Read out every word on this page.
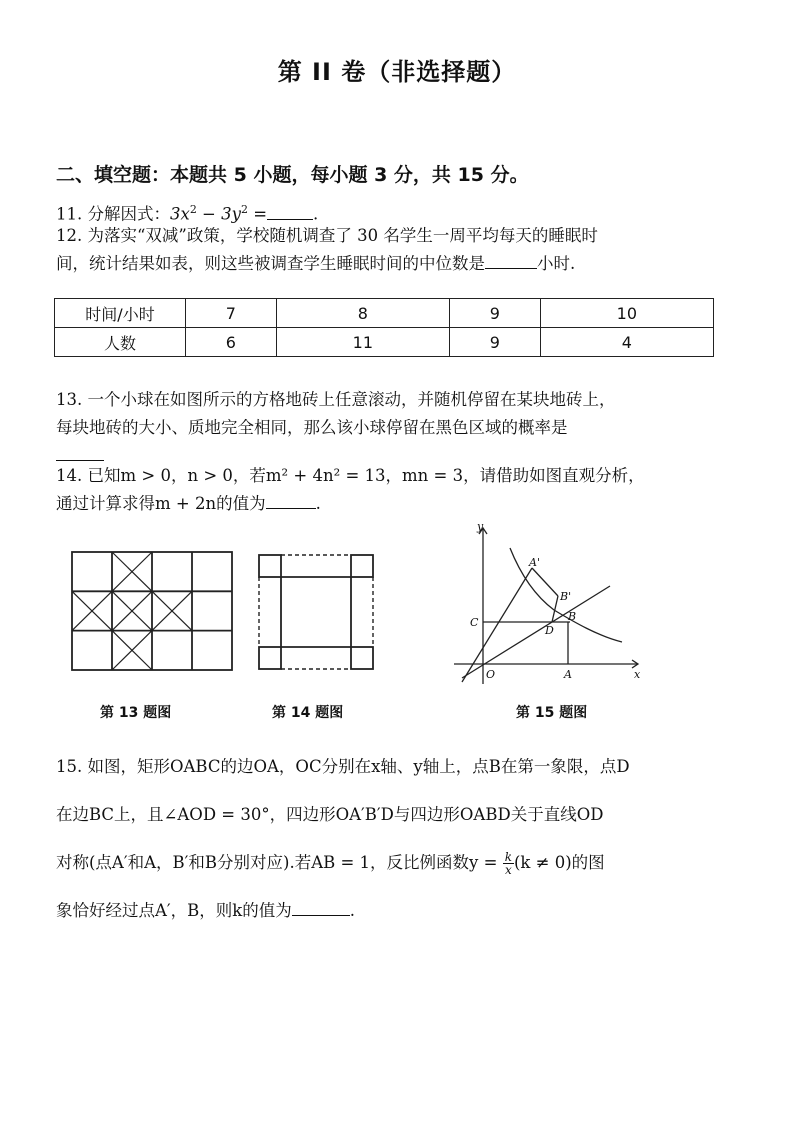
第 II 卷（非选择题）
二、填空题：本题共 5 小题，每小题 3 分，共 15 分。
11. 分解因式：$3x^2 - 3y^2$ =	.
12. 为落实“双减”政策，学校随机调查了 30 名学生一周平均每天的睡眠时
间，统计结果如表，则这些被调查学生睡眠时间的中位数是	小时.
时间/小时	7	8	9	10
人数	6	11	9	4
13. 一个小球在如图所示的方格地砖上任意滚动，并随机停留在某块地砖上，
每块地砖的大小、质地完全相同，那么该小球停留在黑色区域的概率是
14. 已知m > 0，n > 0，若m² + 4n² = 13，mn = 3，请借助如图直观分析，
通过计算求得m + 2n的值为	.
y
x
O	A
C
D
B
A'
B'
第 13 题图	第 14 题图	第 15 题图
15. 如图，矩形OABC的边OA，OC分别在x轴、y轴上，点B在第一象限，点D
在边BC上，且∠AOD = 30°，四边形OA′B′D与四边形OABD关于直线OD
对称(点A′和A，B′和B分别对应).若AB = 1，反比例函数$y = \frac{k}{x} (k \ne 0)$的图
象恰好经过点A′，B，则k的值为	.
